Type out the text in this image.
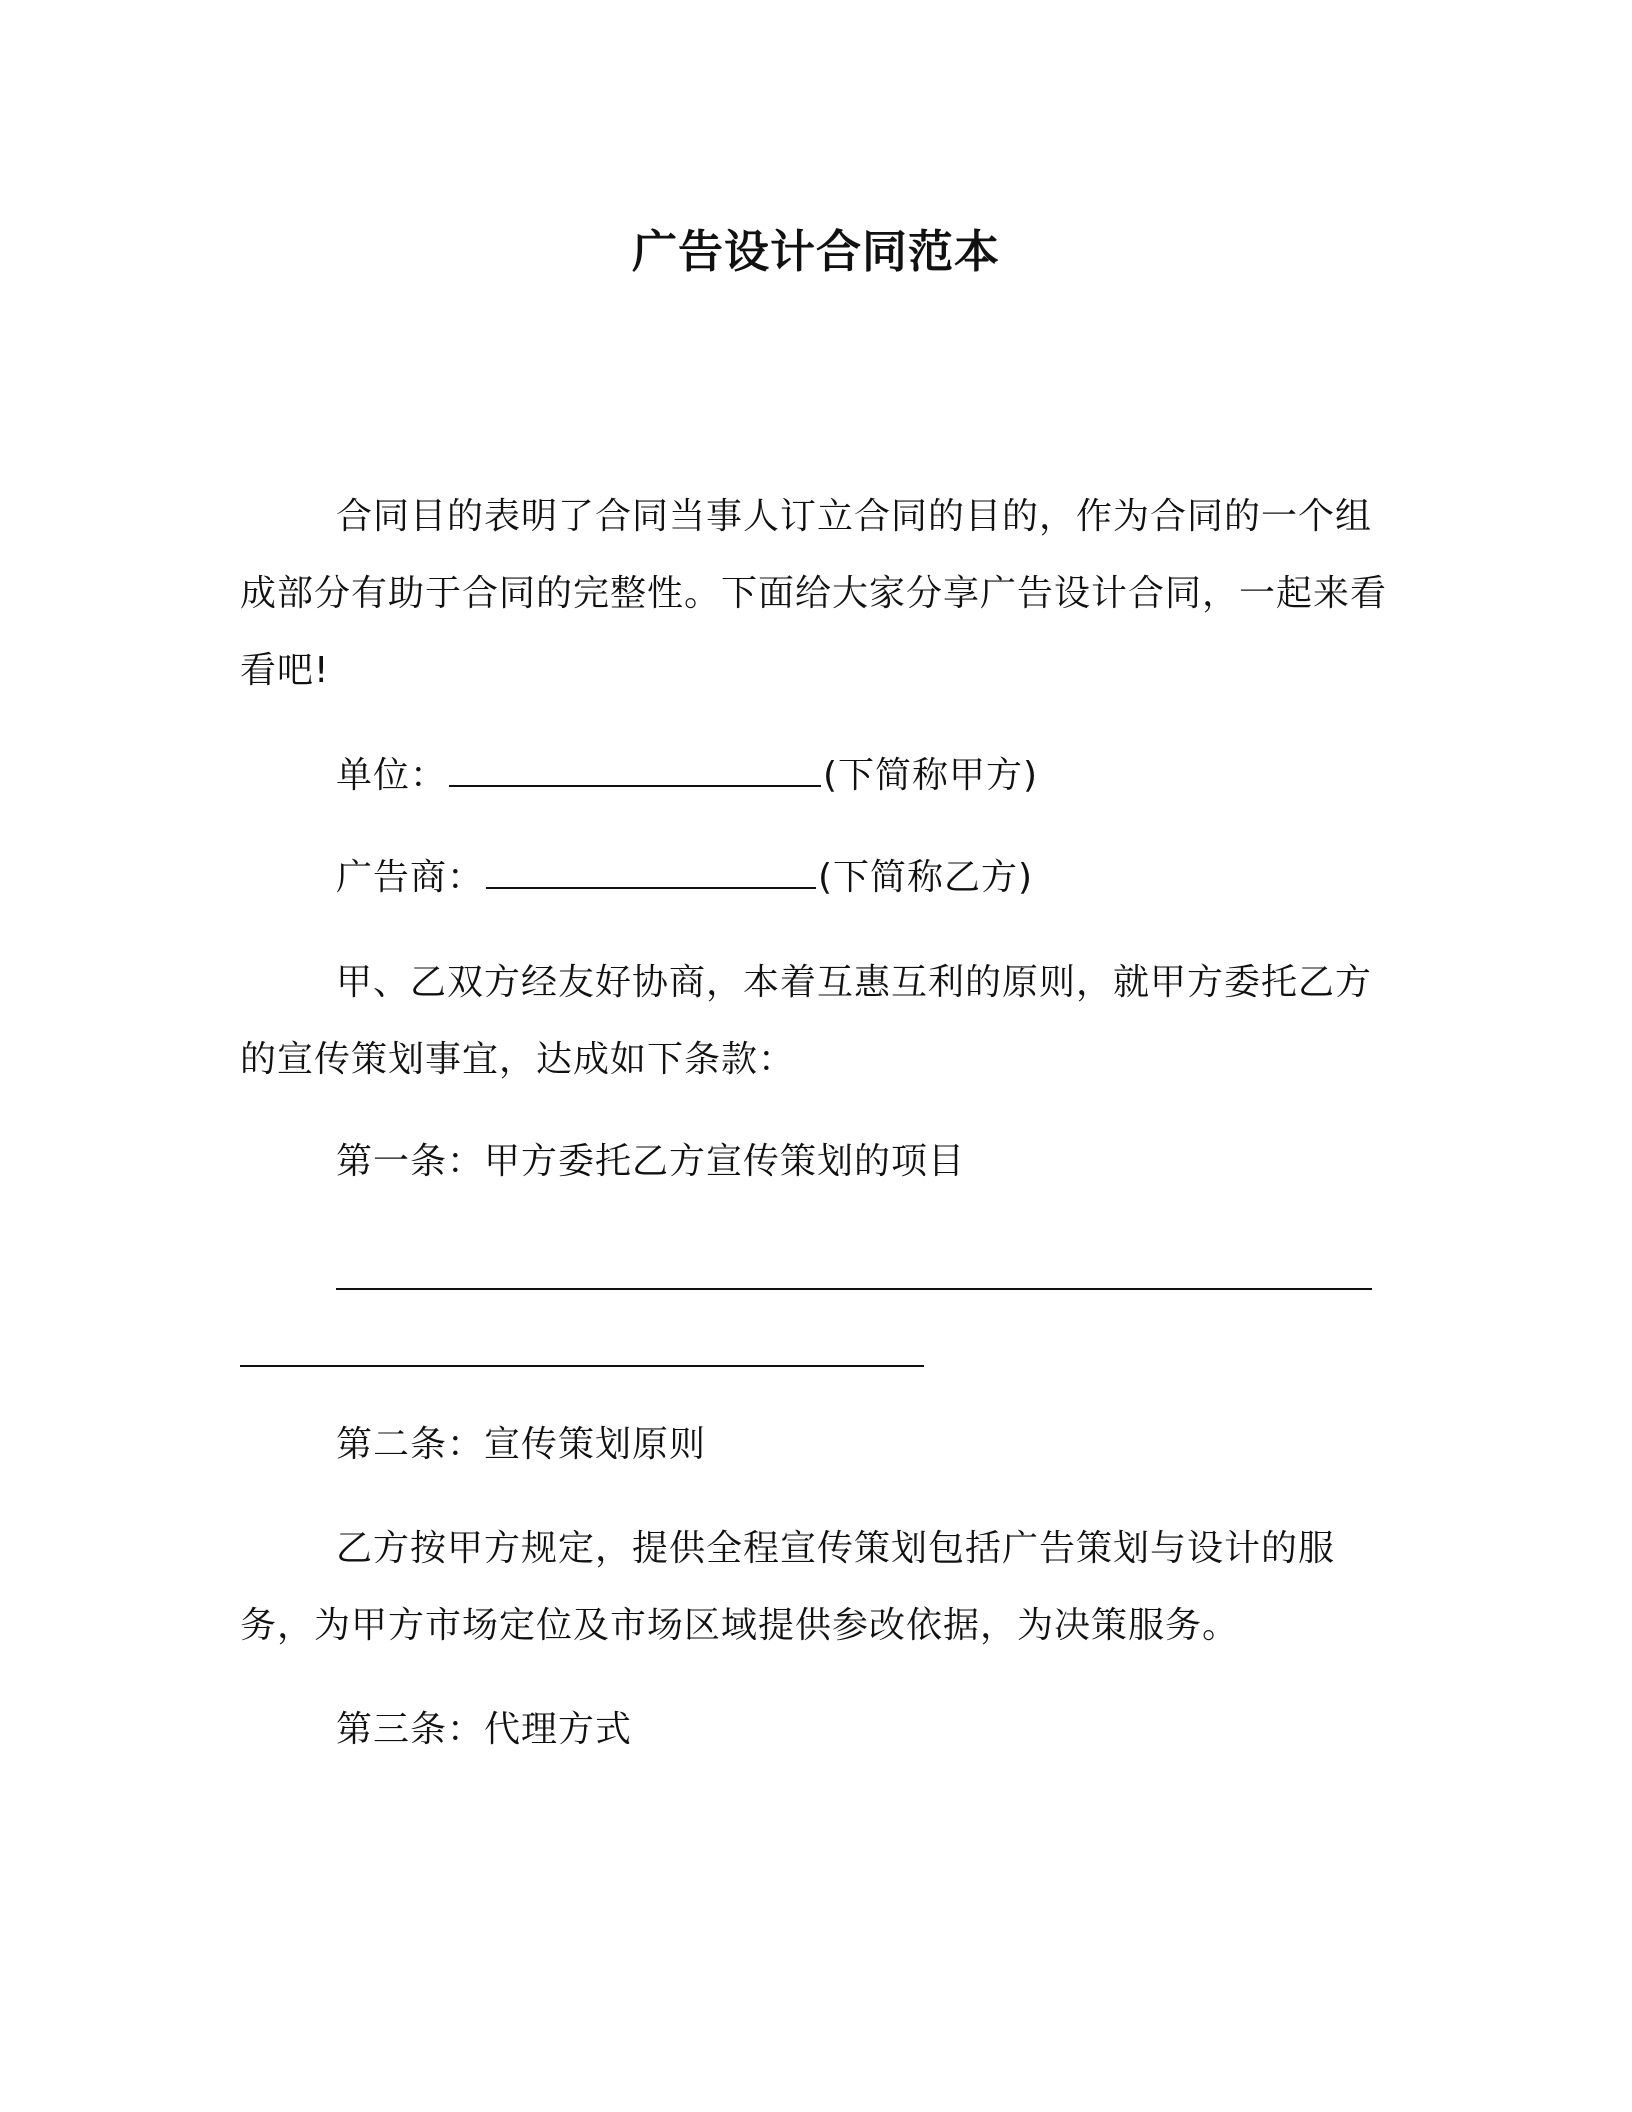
广告设计合同范本

合同目的表明了合同当事人订立合同的目的，作为合同的一个组成部分有助于合同的完整性。下面给大家分享广告设计合同，一起来看看吧!

单位：	(下简称甲方)
广告商：	(下简称乙方)

甲、乙双方经友好协商，本着互惠互利的原则，就甲方委托乙方的宣传策划事宜，达成如下条款：

第一条：甲方委托乙方宣传策划的项目
第二条：宣传策划原则

乙方按甲方规定，提供全程宣传策划包括广告策划与设计的服务，为甲方市场定位及市场区域提供参改依据，为决策服务。

第三条：代理方式
